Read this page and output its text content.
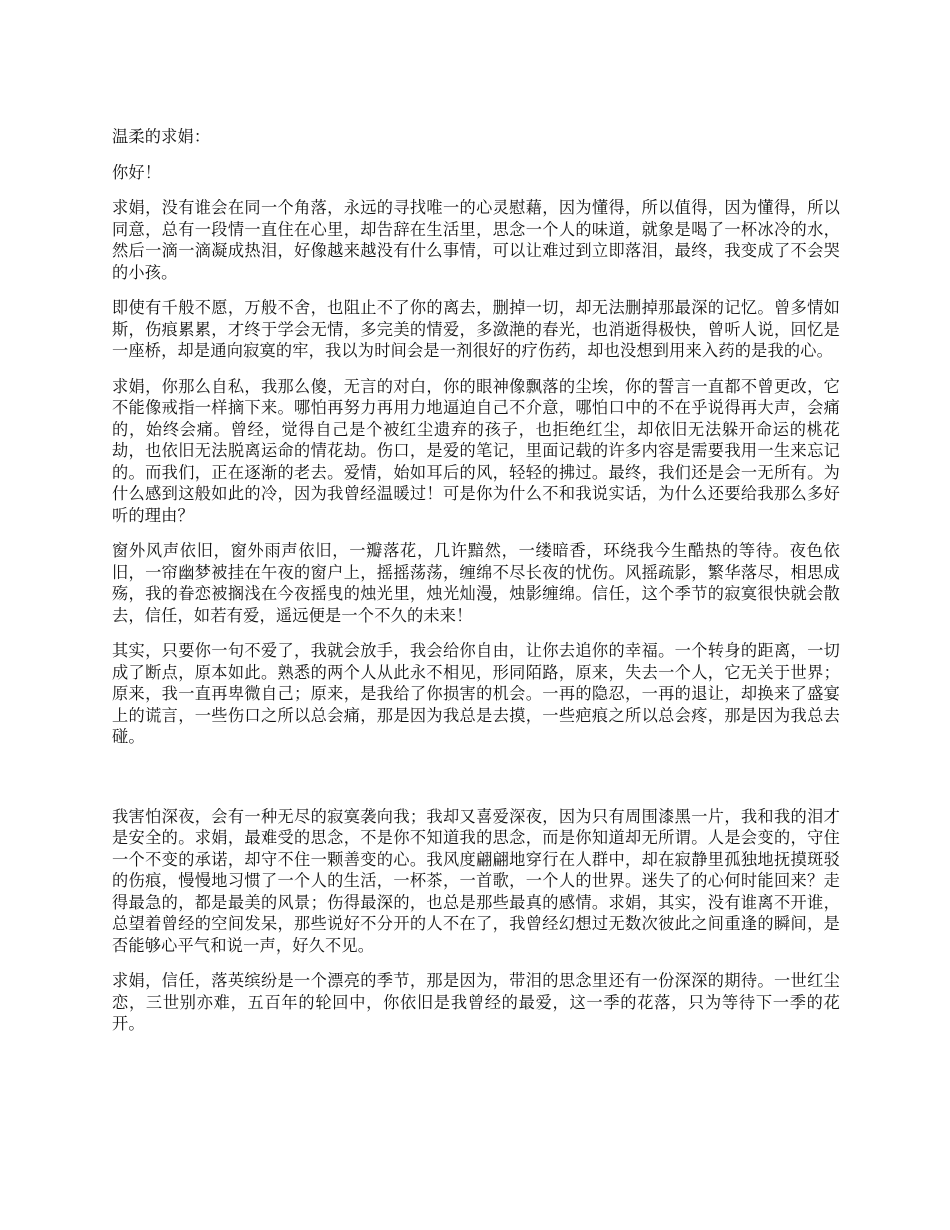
温柔的求娟：

你好！

求娟，没有谁会在同一个角落，永远的寻找唯一的心灵慰藉，因为懂得，所以值得，因为懂得，所以同意，总有一段情一直住在心里，却告辞在生活里，思念一个人的味道，就象是喝了一杯冰冷的水，然后一滴一滴凝成热泪，好像越来越没有什么事情，可以让难过到立即落泪，最终，我变成了不会哭的小孩。

即使有千般不愿，万般不舍，也阻止不了你的离去，删掉一切，却无法删掉那最深的记忆。曾多情如斯，伤痕累累，才终于学会无情，多完美的情爱，多潋滟的春光，也消逝得极快，曾听人说，回忆是一座桥，却是通向寂寞的牢，我以为时间会是一剂很好的疗伤药，却也没想到用来入药的是我的心。

求娟，你那么自私，我那么傻，无言的对白，你的眼神像飘落的尘埃，你的誓言一直都不曾更改，它不能像戒指一样摘下来。哪怕再努力再用力地逼迫自己不介意，哪怕口中的不在乎说得再大声，会痛的，始终会痛。曾经，觉得自己是个被红尘遗弃的孩子，也拒绝红尘，却依旧无法躲开命运的桃花劫，也依旧无法脱离运命的情花劫。伤口，是爱的笔记，里面记载的许多内容是需要我用一生来忘记的。而我们，正在逐渐的老去。爱情，始如耳后的风，轻轻的拂过。最终，我们还是会一无所有。为什么感到这般如此的冷，因为我曾经温暖过！可是你为什么不和我说实话，为什么还要给我那么多好听的理由？

窗外风声依旧，窗外雨声依旧，一瓣落花，几许黯然，一缕暗香，环绕我今生酷热的等待。夜色依旧，一帘幽梦被挂在午夜的窗户上，摇摇荡荡，缠绵不尽长夜的忧伤。风摇疏影，繁华落尽，相思成殇，我的眷恋被搁浅在今夜摇曳的烛光里，烛光灿漫，烛影缠绵。信任，这个季节的寂寞很快就会散去，信任，如若有爱，遥远便是一个不久的未来！

其实，只要你一句不爱了，我就会放手，我会给你自由，让你去追你的幸福。一个转身的距离，一切成了断点，原本如此。熟悉的两个人从此永不相见，形同陌路，原来，失去一个人，它无关于世界；原来，我一直再卑微自己；原来，是我给了你损害的机会。一再的隐忍，一再的退让，却换来了盛宴上的谎言，一些伤口之所以总会痛，那是因为我总是去摸，一些疤痕之所以总会疼，那是因为我总去碰。

我害怕深夜，会有一种无尽的寂寞袭向我；我却又喜爱深夜，因为只有周围漆黑一片，我和我的泪才是安全的。求娟，最难受的思念，不是你不知道我的思念，而是你知道却无所谓。人是会变的，守住一个不变的承诺，却守不住一颗善变的心。我风度翩翩地穿行在人群中，却在寂静里孤独地抚摸斑驳的伤痕，慢慢地习惯了一个人的生活，一杯茶，一首歌，一个人的世界。迷失了的心何时能回来？走得最急的，都是最美的风景；伤得最深的，也总是那些最真的感情。求娟，其实，没有谁离不开谁，总望着曾经的空间发呆，那些说好不分开的人不在了，我曾经幻想过无数次彼此之间重逢的瞬间，是否能够心平气和说一声，好久不见。

求娟，信任，落英缤纷是一个漂亮的季节，那是因为，带泪的思念里还有一份深深的期待。一世红尘恋，三世别亦难，五百年的轮回中，你依旧是我曾经的最爱，这一季的花落，只为等待下一季的花开。
